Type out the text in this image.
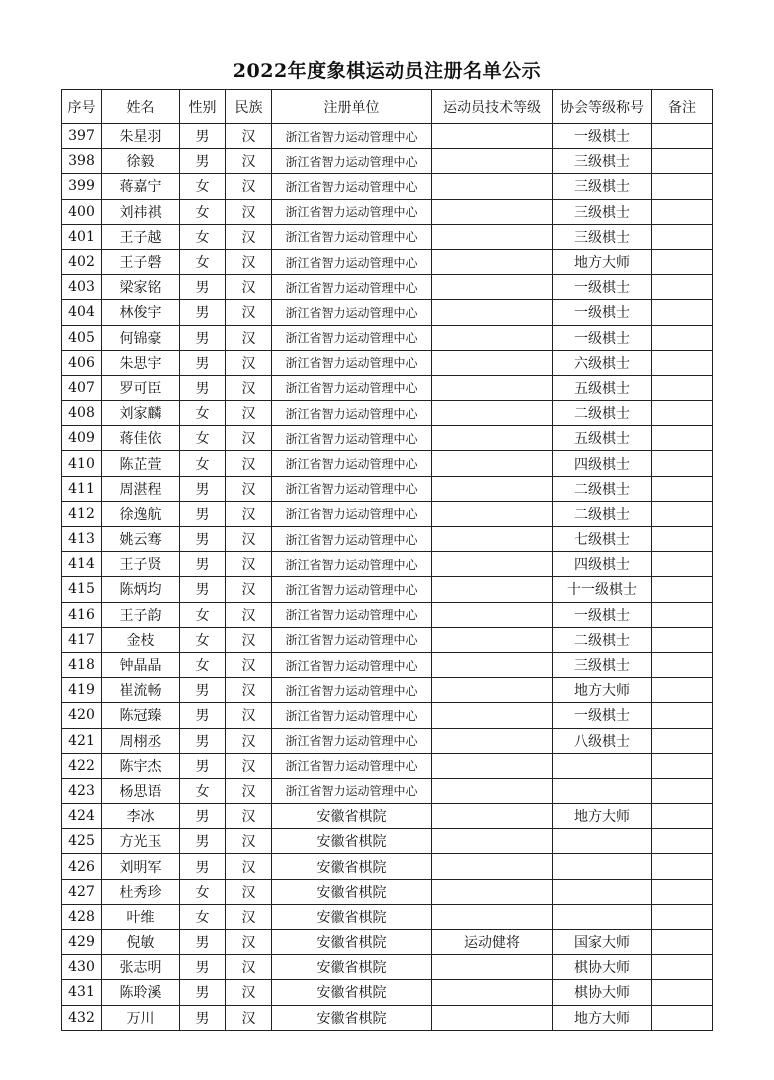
2022年度象棋运动员注册名单公示
序号	姓名	性别	民族	注册单位	运动员技术等级	协会等级称号	备注
397	朱星羽	男	汉	浙江省智力运动管理中心		一级棋士	
398	徐毅	男	汉	浙江省智力运动管理中心		三级棋士	
399	蒋嘉宁	女	汉	浙江省智力运动管理中心		三级棋士	
400	刘祎祺	女	汉	浙江省智力运动管理中心		三级棋士	
401	王子越	女	汉	浙江省智力运动管理中心		三级棋士	
402	王子磬	女	汉	浙江省智力运动管理中心		地方大师	
403	梁家铭	男	汉	浙江省智力运动管理中心		一级棋士	
404	林俊宇	男	汉	浙江省智力运动管理中心		一级棋士	
405	何锦豪	男	汉	浙江省智力运动管理中心		一级棋士	
406	朱思宇	男	汉	浙江省智力运动管理中心		六级棋士	
407	罗可臣	男	汉	浙江省智力运动管理中心		五级棋士	
408	刘家麟	女	汉	浙江省智力运动管理中心		二级棋士	
409	蒋佳依	女	汉	浙江省智力运动管理中心		五级棋士	
410	陈芷萱	女	汉	浙江省智力运动管理中心		四级棋士	
411	周湛程	男	汉	浙江省智力运动管理中心		二级棋士	
412	徐逸航	男	汉	浙江省智力运动管理中心		二级棋士	
413	姚云骞	男	汉	浙江省智力运动管理中心		七级棋士	
414	王子贤	男	汉	浙江省智力运动管理中心		四级棋士	
415	陈炳均	男	汉	浙江省智力运动管理中心		十一级棋士	
416	王子韵	女	汉	浙江省智力运动管理中心		一级棋士	
417	金枝	女	汉	浙江省智力运动管理中心		二级棋士	
418	钟晶晶	女	汉	浙江省智力运动管理中心		三级棋士	
419	崔流畅	男	汉	浙江省智力运动管理中心		地方大师	
420	陈冠臻	男	汉	浙江省智力运动管理中心		一级棋士	
421	周栩丞	男	汉	浙江省智力运动管理中心		八级棋士	
422	陈宇杰	男	汉	浙江省智力运动管理中心			
423	杨思语	女	汉	浙江省智力运动管理中心			
424	李冰	男	汉	安徽省棋院		地方大师	
425	方光玉	男	汉	安徽省棋院			
426	刘明军	男	汉	安徽省棋院			
427	杜秀珍	女	汉	安徽省棋院			
428	叶维	女	汉	安徽省棋院			
429	倪敏	男	汉	安徽省棋院	运动健将	国家大师	
430	张志明	男	汉	安徽省棋院		棋协大师	
431	陈聆溪	男	汉	安徽省棋院		棋协大师	
432	万川	男	汉	安徽省棋院		地方大师	
